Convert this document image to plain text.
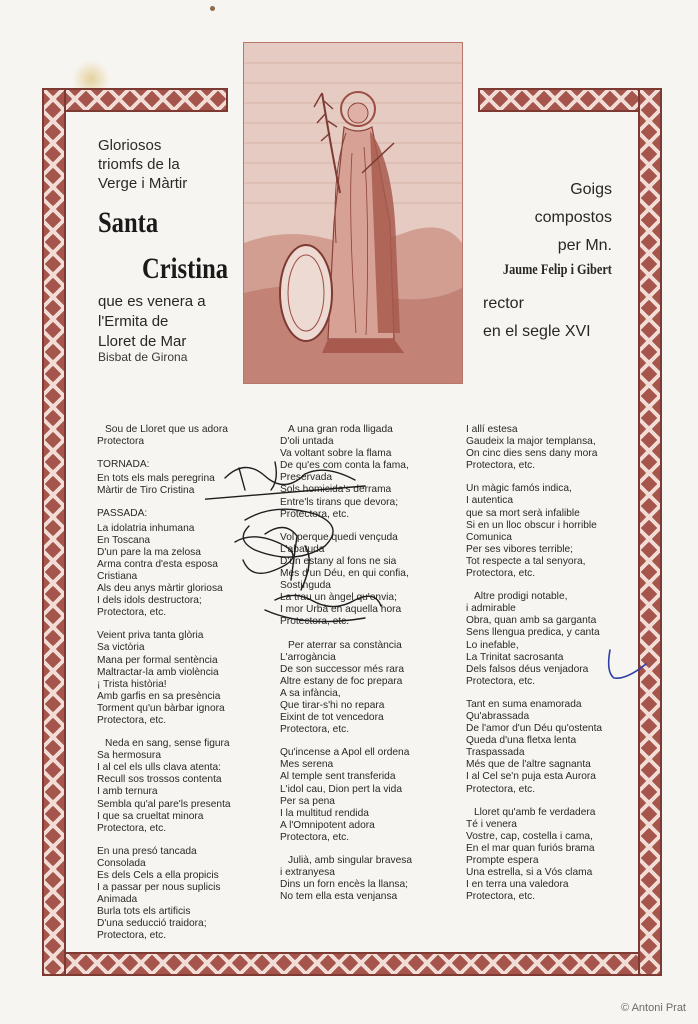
Gloriosos
triomfs de la
Verge i Màrtir
Santa
Cristina
que es venera a
l'Ermita de
Lloret de Mar
Bisbat de Girona
Goigs
compostos
per Mn.
Jaume Felip i Gibert
rector
en el segle XVI
Sou de Lloret que us adora
Protectora
TORNADA:
En tots els mals peregrina
Màrtir de Tiro Cristina
PASSADA:
La idolatria inhumana
En Toscana
D'un pare la ma zelosa
Arma contra d'esta esposa
Cristiana
Als deu anys màrtir gloriosa
I dels idols destructora;
Protectora, etc.
Veient priva tanta glòria
Sa victòria
Mana per formal sentència
Maltractar-la amb violència
¡ Trista història!
Amb garfis en sa presència
Torment qu'un bàrbar ignora
Protectora, etc.
Neda en sang, sense figura
Sa hermosura
I al cel els ulls clava atenta:
Recull sos trossos contenta
I amb ternura
Sembla qu'al pare'ls presenta
I que sa crueltat minora
Protectora, etc.
En una presó tancada
Consolada
Es dels Cels a ella propicis
I a passar per nous suplicis
Animada
Burla tots els artificis
D'una seducció traidora;
Protectora, etc.
A una gran roda lligada
D'oli untada
Va voltant sobre la flama
De qu'es com conta la fama,
Preservada
Sols homicida's derrama
Entre'ls tirans que devora;
Protectora, etc.
Vol perque quedi vençuda
L'abatuda
D'un estany al fons ne sia
Mes d'un Déu, en qui confia,
Sostinguda
La trau un àngel qu'envia;
I mor Urbà en aquella hora
Protectora, etc.
Per aterrar sa constància
L'arrogància
De son successor més rara
Altre estany de foc prepara
A sa infància,
Que tirar-s'hi no repara
Eixint de tot vencedora
Protectora, etc.
Qu'incense a Apol ell ordena
Mes serena
Al temple sent transferida
L'idol cau, Dion pert la vida
Per sa pena
I la multitud rendida
A l'Omnipotent adora
Protectora, etc.
Julià, amb singular bravesa
i extranyesa
Dins un forn encès la llansa;
No tem ella esta venjansa
I allí estesa
Gaudeix la major templansa,
On cinc dies sens dany mora
Protectora, etc.
Un màgic famós indica,
I autentica
que sa mort serà infalible
Si en un lloc obscur i horrible
Comunica
Per ses vibores terrible;
Tot respecte a tal senyora,
Protectora, etc.
Altre prodigi notable,
i admirable
Obra, quan amb sa garganta
Sens llengua predica, y canta
Lo inefable,
La Trinitat sacrosanta
Dels falsos déus venjadora
Protectora, etc.
Tant en suma enamorada
Qu'abrassada
De l'amor d'un Déu qu'ostenta
Queda d'una fletxa lenta
Traspassada
Més que de l'altre sagnanta
I al Cel se'n puja esta Aurora
Protectora, etc.
Lloret qu'amb fe verdadera
Té i venera
Vostre, cap, costella i cama,
En el mar quan furiós brama
Prompte espera
Una estrella, si a Vós clama
I en terra una valedora
Protectora, etc.
© Antoni Prat
